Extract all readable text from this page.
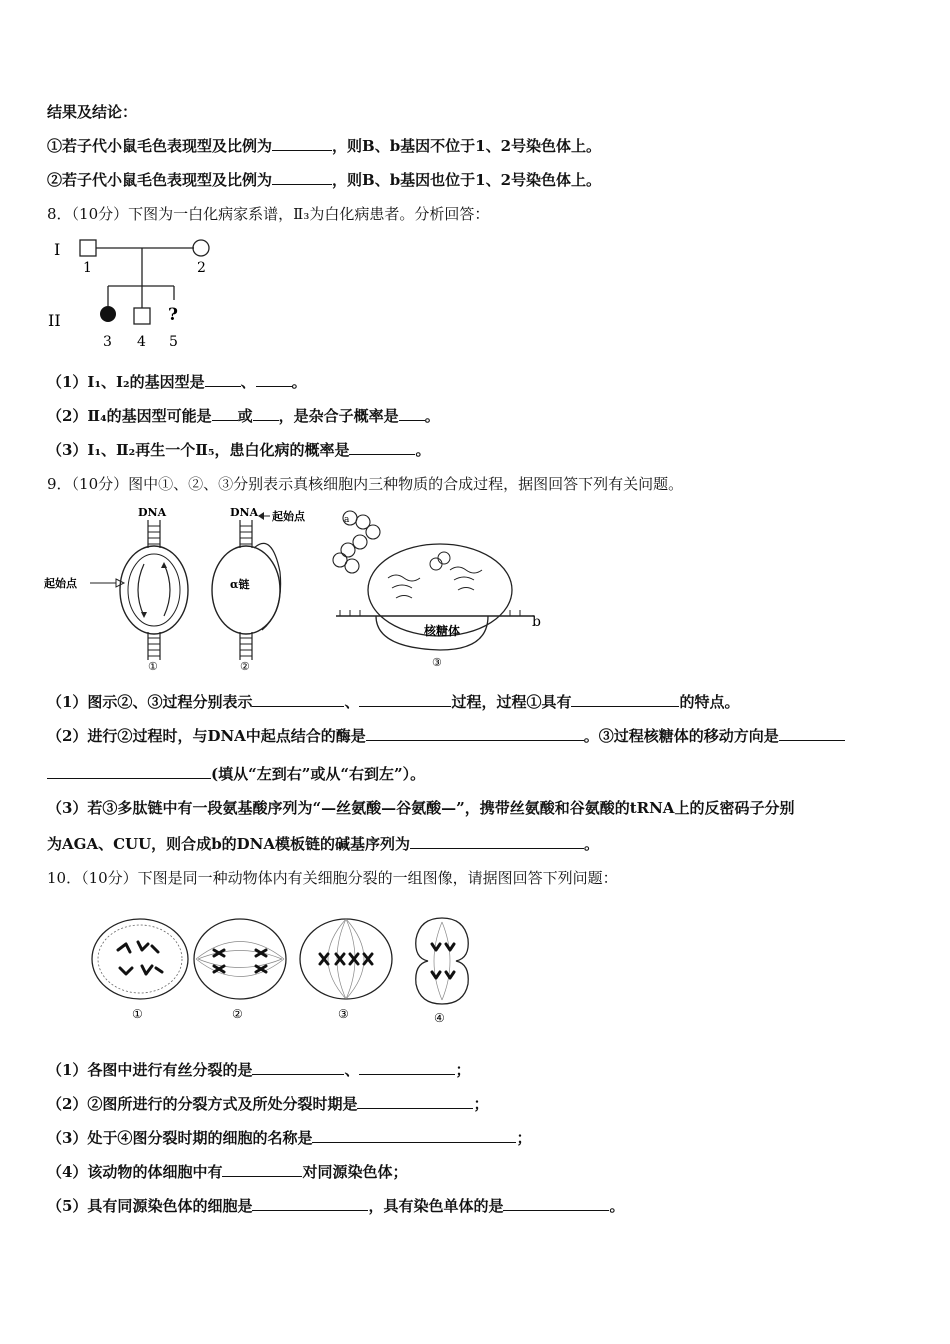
结果及结论：
①若子代小鼠毛色表现型及比例为	，则B、b基因不位于1、2号染色体上。
②若子代小鼠毛色表现型及比例为	，则B、b基因也位于1、2号染色体上。
8．（10分）下图为一白化病家系谱，Ⅱ₃为白化病患者。分析回答：
I
1	2
II	?
3 4 5
（1）Ⅰ₁、Ⅰ₂的基因型是 、 。
（2）Ⅱ₄的基因型可能是 或 ，是杂合子概率是 。
（3）Ⅰ₁、Ⅱ₂再生一个Ⅱ₅，患白化病的概率是	。
9．（10分）图中①、②、③分别表示真核细胞内三种物质的合成过程，据图回答下列有关问题。
DNA
起始点
①
DNA 起始点
α链
②
a
核糖体
b
③
（1）图示②、③过程分别表示	、	过程，过程①具有	的特点。
（2）进行②过程时，与DNA中起点结合的酶是	。③过程核糖体的移动方向是
(填从“左到右”或从“右到左”）。
（3）若③多肽链中有一段氨基酸序列为“—丝氨酸—谷氨酸—”，携带丝氨酸和谷氨酸的tRNA上的反密码子分别
为AGA、CUU，则合成b的DNA模板链的碱基序列为	。
10．（10分）下图是同一种动物体内有关细胞分裂的一组图像，请据图回答下列问题：
①	②	③	④
（1）各图中进行有丝分裂的是	、	；
（2）②图所进行的分裂方式及所处分裂时期是	；
（3）处于④图分裂时期的细胞的名称是	；
（4）该动物的体细胞中有	对同源染色体；
（5）具有同源染色体的细胞是	，具有染色单体的是	。
